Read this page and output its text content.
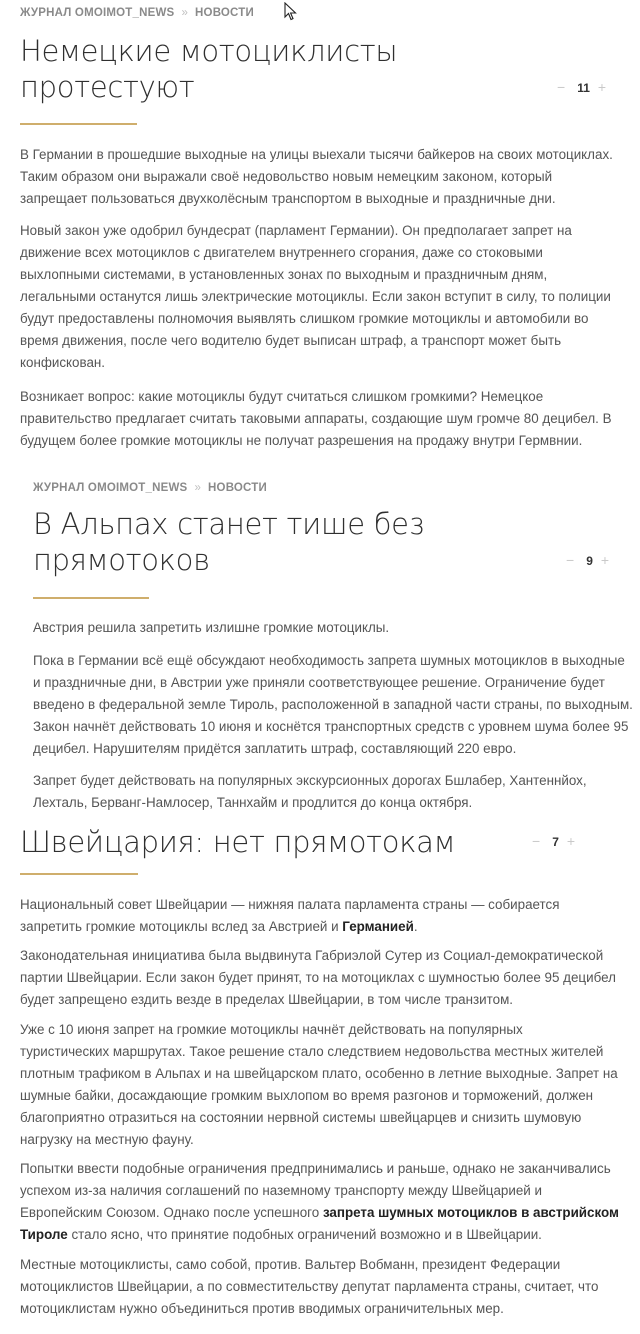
ЖУРНАЛ OMOIMOT_NEWS » НОВОСТИ
Немецкие мотоциклисты
протестуют	− 11 +

В Германии в прошедшие выходные на улицы выехали тысячи байкеров на своих мотоциклах.
Таким образом они выражали своё недовольство новым немецким законом, который
запрещает пользоваться двухколёсным транспортом в выходные и праздничные дни.

Новый закон уже одобрил бундесрат (парламент Германии). Он предполагает запрет на
движение всех мотоциклов с двигателем внутреннего сгорания, даже со стоковыми
выхлопными системами, в установленных зонах по выходным и праздничным дням,
легальными останутся лишь электрические мотоциклы. Если закон вступит в силу, то полиции
будут предоставлены полномочия выявлять слишком громкие мотоциклы и автомобили во
время движения, после чего водителю будет выписан штраф, а транспорт может быть
конфискован.

Возникает вопрос: какие мотоциклы будут считаться слишком громкими? Немецкое
правительство предлагает считать таковыми аппараты, создающие шум громче 80 децибел. В
будущем более громкие мотоциклы не получат разрешения на продажу внутри Гермвнии.

ЖУРНАЛ OMOIMOT_NEWS » НОВОСТИ
В Альпах станет тише без
прямотоков	− 9 +

Австрия решила запретить излишне громкие мотоциклы.

Пока в Германии всё ещё обсуждают необходимость запрета шумных мотоциклов в выходные
и праздничные дни, в Австрии уже приняли соответствующее решение. Ограничение будет
введено в федеральной земле Тироль, расположенной в западной части страны, по выходным.
Закон начнёт действовать 10 июня и коснётся транспортных средств с уровнем шума более 95
децибел. Нарушителям придётся заплатить штраф, составляющий 220 евро.

Запрет будет действовать на популярных экскурсионных дорогах Бшлабер, Хантеннйох,
Лехталь, Берванг-Намлосер, Таннхайм и продлится до конца октября.

Швейцария: нет прямотокам	− 7 +

Национальный совет Швейцарии — нижняя палата парламента страны — собирается
запретить громкие мотоциклы вслед за Австрией и Германией.

Законодательная инициатива была выдвинута Габриэлой Сутер из Социал-демократической
партии Швейцарии. Если закон будет принят, то на мотоциклах с шумностью более 95 децибел
будет запрещено ездить везде в пределах Швейцарии, в том числе транзитом.

Уже с 10 июня запрет на громкие мотоциклы начнёт действовать на популярных
туристических маршрутах. Такое решение стало следствием недовольства местных жителей
плотным трафиком в Альпах и на швейцарском плато, особенно в летние выходные. Запрет на
шумные байки, досаждающие громким выхлопом во время разгонов и торможений, должен
благоприятно отразиться на состоянии нервной системы швейцарцев и снизить шумовую
нагрузку на местную фауну.

Попытки ввести подобные ограничения предпринимались и раньше, однако не заканчивались
успехом из-за наличия соглашений по наземному транспорту между Швейцарией и
Европейским Союзом. Однако после успешного запрета шумных мотоциклов в австрийском
Тироле стало ясно, что принятие подобных ограничений возможно и в Швейцарии.

Местные мотоциклисты, само собой, против. Вальтер Вобманн, президент Федерации
мотоциклистов Швейцарии, а по совместительству депутат парламента страны, считает, что
мотоциклистам нужно объединиться против вводимых ограничительных мер.
